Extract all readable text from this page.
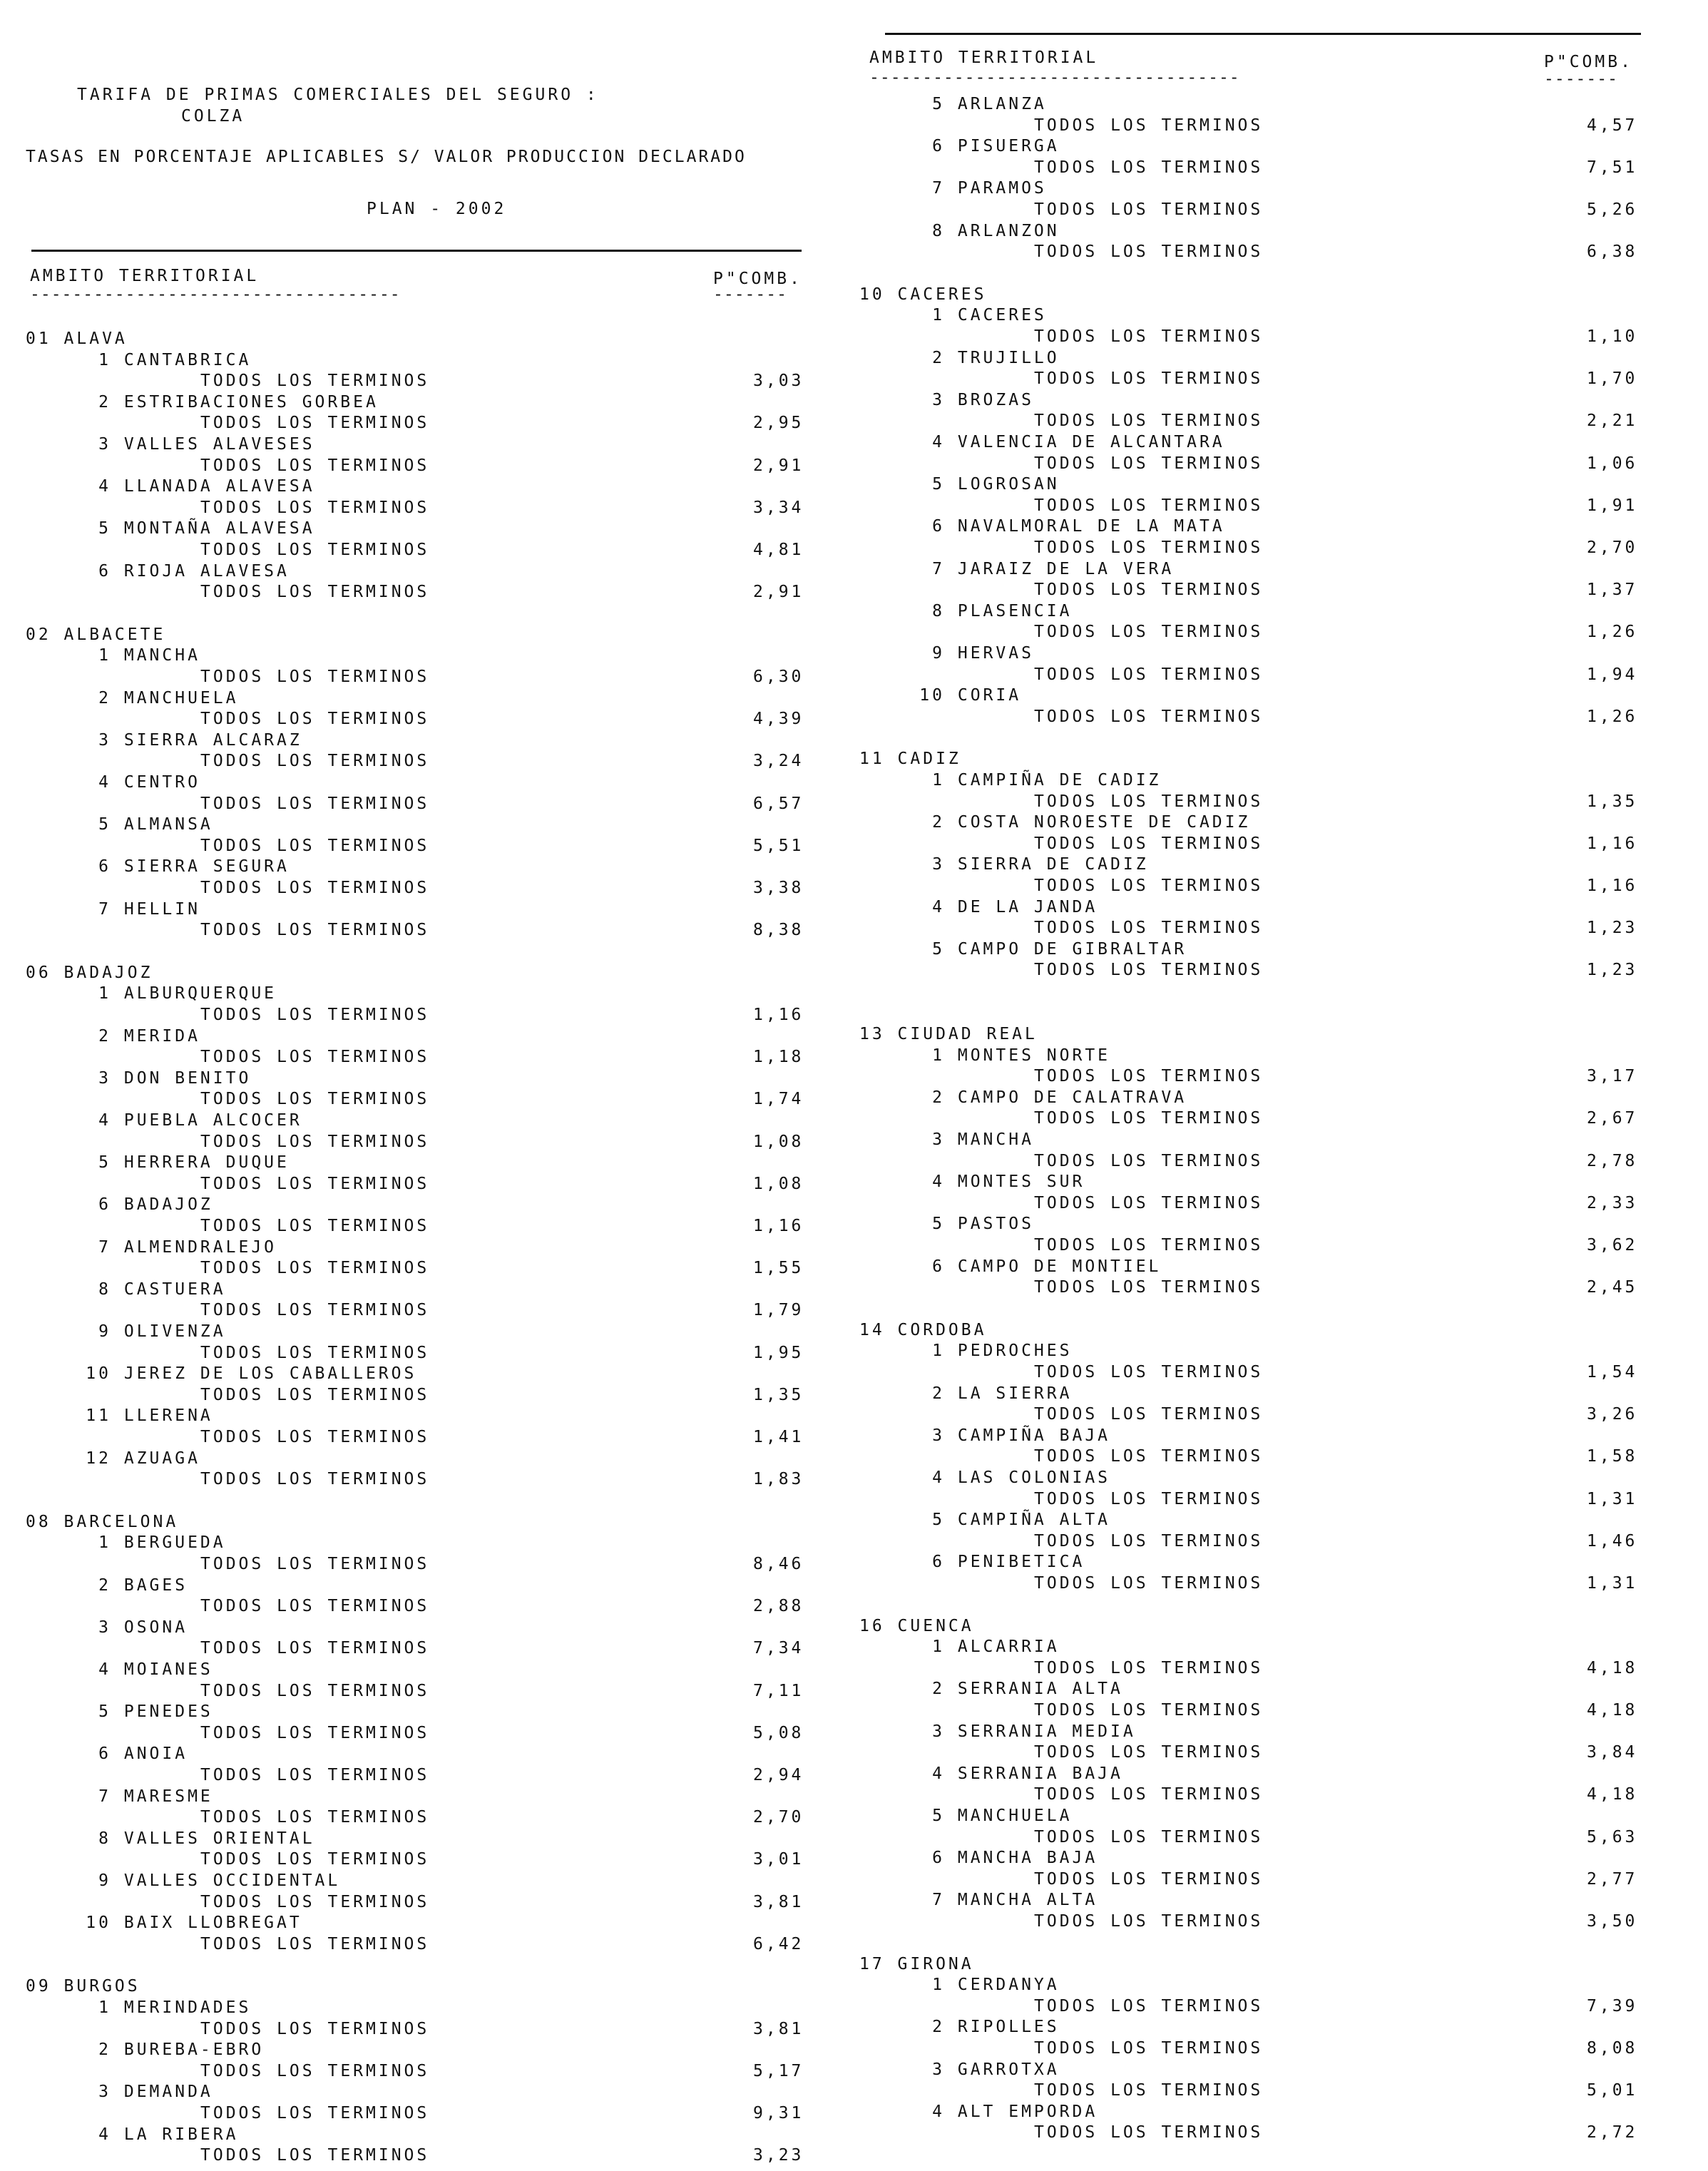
TARIFA DE PRIMAS COMERCIALES DEL SEGURO :
COLZA
TASAS EN PORCENTAJE APLICABLES S/ VALOR PRODUCCION DECLARADO
PLAN - 2002
AMBITO TERRITORIAL	P"COMB.
-----------------------------------	-------
01 ALAVA
1 CANTABRICA
TODOS LOS TERMINOS	3,03
2 ESTRIBACIONES GORBEA
TODOS LOS TERMINOS	2,95
3 VALLES ALAVESES
TODOS LOS TERMINOS	2,91
4 LLANADA ALAVESA
TODOS LOS TERMINOS	3,34
5 MONTAÑA ALAVESA
TODOS LOS TERMINOS	4,81
6 RIOJA ALAVESA
TODOS LOS TERMINOS	2,91
02 ALBACETE
1 MANCHA
TODOS LOS TERMINOS	6,30
2 MANCHUELA
TODOS LOS TERMINOS	4,39
3 SIERRA ALCARAZ
TODOS LOS TERMINOS	3,24
4 CENTRO
TODOS LOS TERMINOS	6,57
5 ALMANSA
TODOS LOS TERMINOS	5,51
6 SIERRA SEGURA
TODOS LOS TERMINOS	3,38
7 HELLIN
TODOS LOS TERMINOS	8,38
06 BADAJOZ
1 ALBURQUERQUE
TODOS LOS TERMINOS	1,16
2 MERIDA
TODOS LOS TERMINOS	1,18
3 DON BENITO
TODOS LOS TERMINOS	1,74
4 PUEBLA ALCOCER
TODOS LOS TERMINOS	1,08
5 HERRERA DUQUE
TODOS LOS TERMINOS	1,08
6 BADAJOZ
TODOS LOS TERMINOS	1,16
7 ALMENDRALEJO
TODOS LOS TERMINOS	1,55
8 CASTUERA
TODOS LOS TERMINOS	1,79
9 OLIVENZA
TODOS LOS TERMINOS	1,95
10 JEREZ DE LOS CABALLEROS
TODOS LOS TERMINOS	1,35
11 LLERENA
TODOS LOS TERMINOS	1,41
12 AZUAGA
TODOS LOS TERMINOS	1,83
08 BARCELONA
1 BERGUEDA
TODOS LOS TERMINOS	8,46
2 BAGES
TODOS LOS TERMINOS	2,88
3 OSONA
TODOS LOS TERMINOS	7,34
4 MOIANES
TODOS LOS TERMINOS	7,11
5 PENEDES
TODOS LOS TERMINOS	5,08
6 ANOIA
TODOS LOS TERMINOS	2,94
7 MARESME
TODOS LOS TERMINOS	2,70
8 VALLES ORIENTAL
TODOS LOS TERMINOS	3,01
9 VALLES OCCIDENTAL
TODOS LOS TERMINOS	3,81
10 BAIX LLOBREGAT
TODOS LOS TERMINOS	6,42
09 BURGOS
1 MERINDADES
TODOS LOS TERMINOS	3,81
2 BUREBA-EBRO
TODOS LOS TERMINOS	5,17
3 DEMANDA
TODOS LOS TERMINOS	9,31
4 LA RIBERA
TODOS LOS TERMINOS	3,23
AMBITO TERRITORIAL	P"COMB.
-----------------------------------	-------
5 ARLANZA
TODOS LOS TERMINOS	4,57
6 PISUERGA
TODOS LOS TERMINOS	7,51
7 PARAMOS
TODOS LOS TERMINOS	5,26
8 ARLANZON
TODOS LOS TERMINOS	6,38
10 CACERES
1 CACERES
TODOS LOS TERMINOS	1,10
2 TRUJILLO
TODOS LOS TERMINOS	1,70
3 BROZAS
TODOS LOS TERMINOS	2,21
4 VALENCIA DE ALCANTARA
TODOS LOS TERMINOS	1,06
5 LOGROSAN
TODOS LOS TERMINOS	1,91
6 NAVALMORAL DE LA MATA
TODOS LOS TERMINOS	2,70
7 JARAIZ DE LA VERA
TODOS LOS TERMINOS	1,37
8 PLASENCIA
TODOS LOS TERMINOS	1,26
9 HERVAS
TODOS LOS TERMINOS	1,94
10 CORIA
TODOS LOS TERMINOS	1,26
11 CADIZ
1 CAMPIÑA DE CADIZ
TODOS LOS TERMINOS	1,35
2 COSTA NOROESTE DE CADIZ
TODOS LOS TERMINOS	1,16
3 SIERRA DE CADIZ
TODOS LOS TERMINOS	1,16
4 DE LA JANDA
TODOS LOS TERMINOS	1,23
5 CAMPO DE GIBRALTAR
TODOS LOS TERMINOS	1,23
13 CIUDAD REAL
1 MONTES NORTE
TODOS LOS TERMINOS	3,17
2 CAMPO DE CALATRAVA
TODOS LOS TERMINOS	2,67
3 MANCHA
TODOS LOS TERMINOS	2,78
4 MONTES SUR
TODOS LOS TERMINOS	2,33
5 PASTOS
TODOS LOS TERMINOS	3,62
6 CAMPO DE MONTIEL
TODOS LOS TERMINOS	2,45
14 CORDOBA
1 PEDROCHES
TODOS LOS TERMINOS	1,54
2 LA SIERRA
TODOS LOS TERMINOS	3,26
3 CAMPIÑA BAJA
TODOS LOS TERMINOS	1,58
4 LAS COLONIAS
TODOS LOS TERMINOS	1,31
5 CAMPIÑA ALTA
TODOS LOS TERMINOS	1,46
6 PENIBETICA
TODOS LOS TERMINOS	1,31
16 CUENCA
1 ALCARRIA
TODOS LOS TERMINOS	4,18
2 SERRANIA ALTA
TODOS LOS TERMINOS	4,18
3 SERRANIA MEDIA
TODOS LOS TERMINOS	3,84
4 SERRANIA BAJA
TODOS LOS TERMINOS	4,18
5 MANCHUELA
TODOS LOS TERMINOS	5,63
6 MANCHA BAJA
TODOS LOS TERMINOS	2,77
7 MANCHA ALTA
TODOS LOS TERMINOS	3,50
17 GIRONA
1 CERDANYA
TODOS LOS TERMINOS	7,39
2 RIPOLLES
TODOS LOS TERMINOS	8,08
3 GARROTXA
TODOS LOS TERMINOS	5,01
4 ALT EMPORDA
TODOS LOS TERMINOS	2,72
